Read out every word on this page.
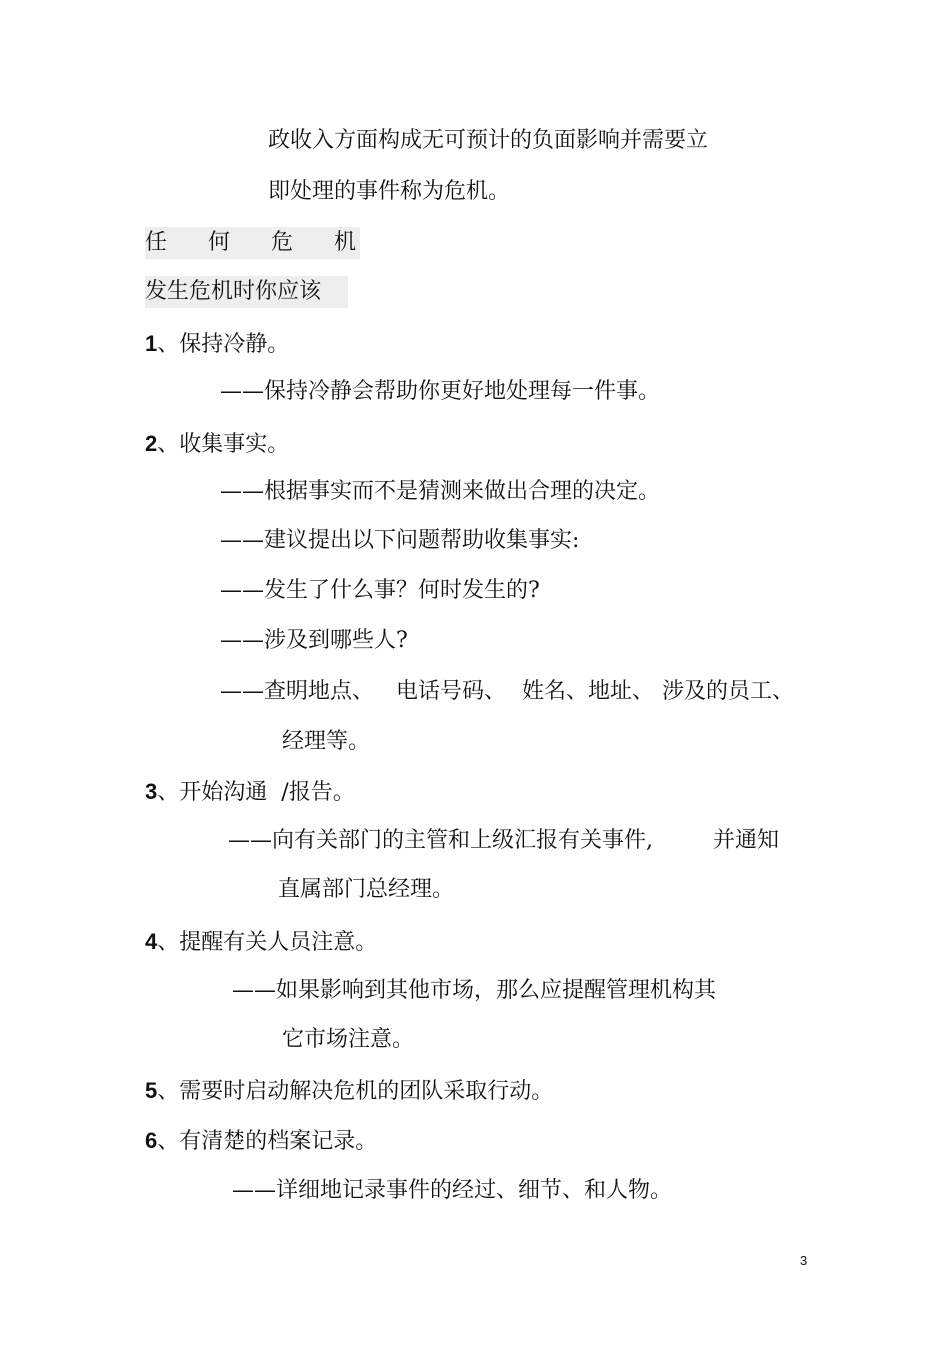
政收入方面构成无可预计的负面影响并需要立
即处理的事件称为危机。
任 何 危 机
发生危机时你应该
1、保持冷静。
——保持冷静会帮助你更好地处理每一件事。
2、收集事实。
——根据事实而不是猜测来做出合理的决定。
——建议提出以下问题帮助收集事实:
——发生了什么事？何时发生的?
——涉及到哪些人?
——查明地点、 电话号码、 姓名、地址、 涉及的员工、
经理等。
3、开始沟通 /报告。
——向有关部门的主管和上级汇报有关事件,	并通知
直属部门总经理。
4、提醒有关人员注意。
——如果影响到其他市场，那么应提醒管理机构其
它市场注意。
5、需要时启动解决危机的团队采取行动。
6、有清楚的档案记录。
——详细地记录事件的经过、细节、和人物。
3
